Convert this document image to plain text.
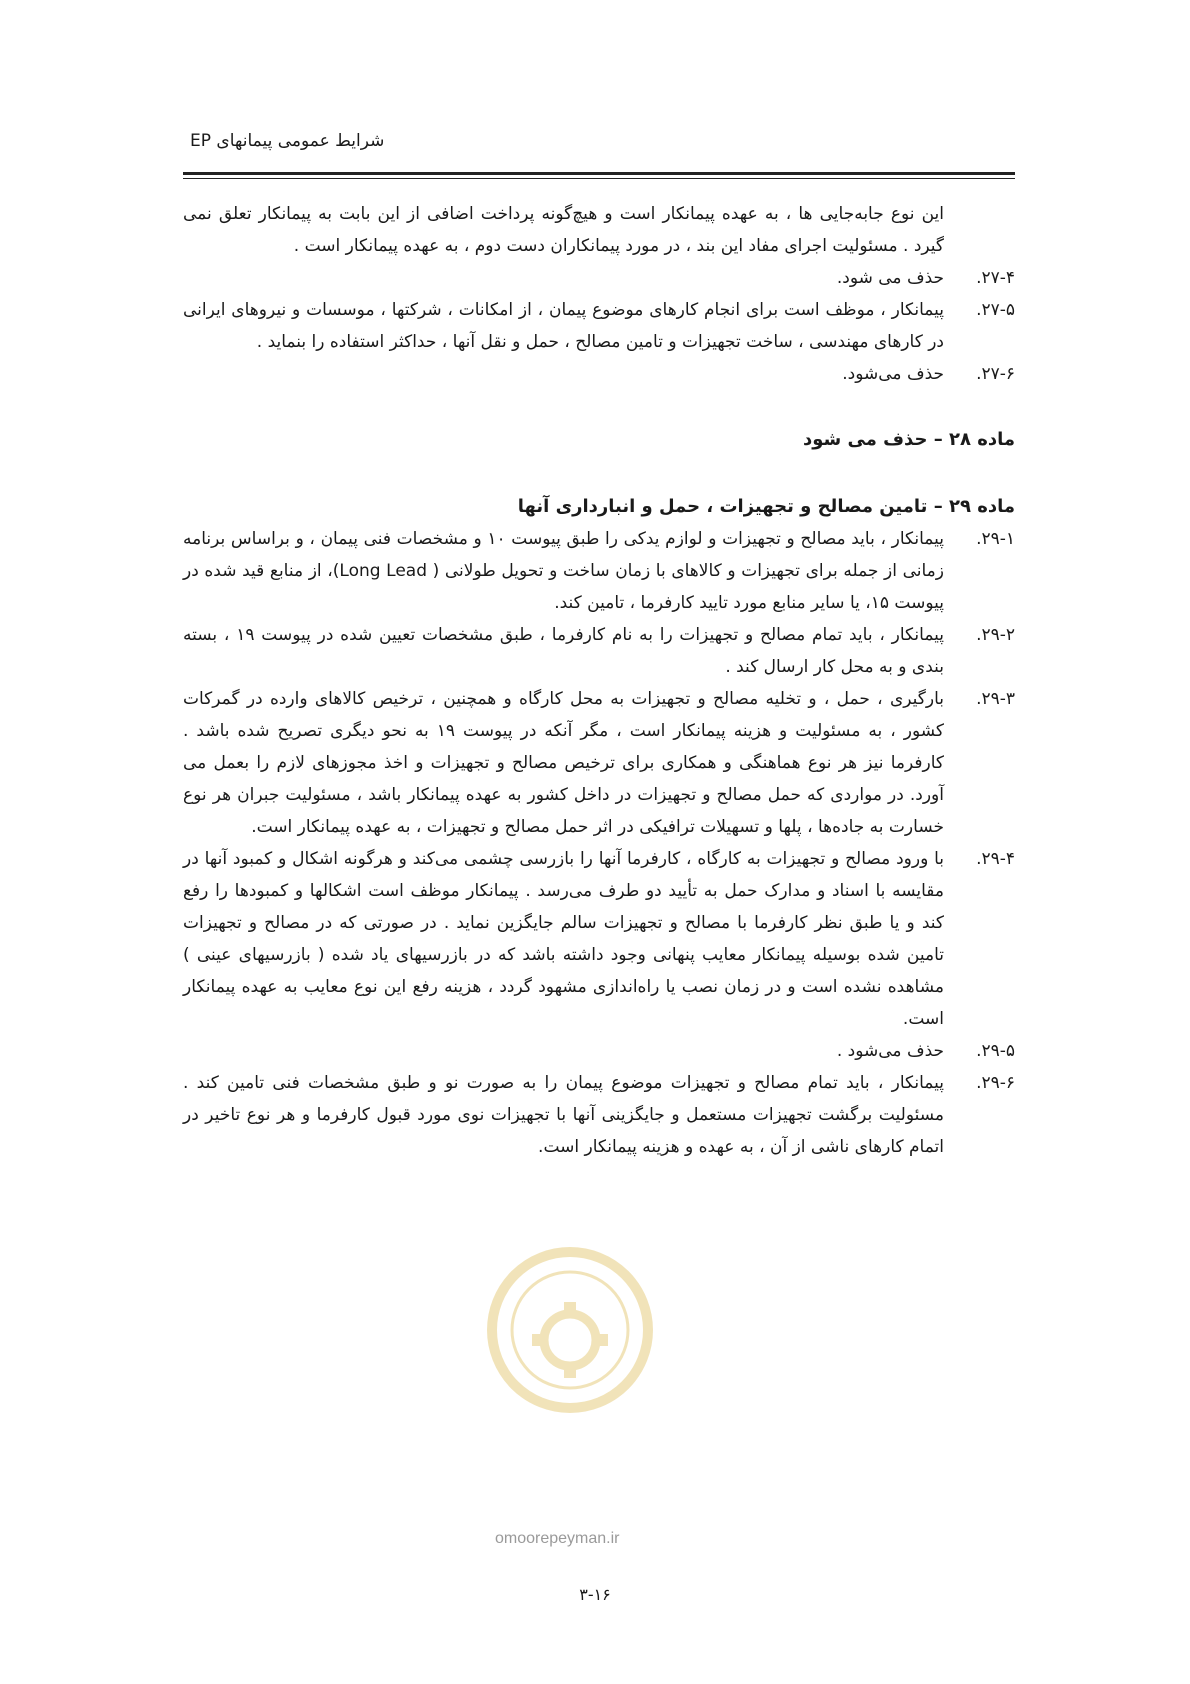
شرایط عمومی پیمانهای EP

این نوع جابه‌جایی ها ، به عهده پیمانکار است و هیچ‌گونه پرداخت اضافی از این بابت به پیمانکار تعلق نمی گیرد . مسئولیت اجرای مفاد این بند ، در مورد پیمانکاران دست دوم ، به عهده پیمانکار است .

۲۷-۴.

حذف می شود.

۲۷-۵.

پیمانکار ، موظف است برای انجام کارهای موضوع پیمان ، از امکانات ، شرکتها ، موسسات و نیروهای ایرانی در کارهای مهندسی ، ساخت تجهیزات و تامین مصالح ، حمل و نقل آنها ، حداکثر استفاده را بنماید .

۲۷-۶.

حذف می‌شود.

ماده ۲۸ – حذف می شود
ماده ۲۹ – تامین مصالح و تجهیزات ، حمل و انبارداری آنها
۲۹-۱.

پیمانکار ، باید مصالح و تجهیزات و لوازم یدکی را طبق پیوست ۱۰ و مشخصات فنی پیمان ، و براساس برنامه زمانی از جمله برای تجهیزات و کالاهای با زمان ساخت و تحویل طولانی ( Long Lead)، از منابع قید شده در پیوست ۱۵، یا سایر منابع مورد تایید کارفرما ، تامین کند.

۲۹-۲.

پیمانکار ، باید تمام مصالح و تجهیزات را به نام کارفرما ، طبق مشخصات تعیین شده در پیوست ۱۹ ، بسته بندی و به محل کار ارسال کند .

۲۹-۳.

بارگیری ، حمل ، و تخلیه مصالح و تجهیزات به محل کارگاه و همچنین ، ترخیص کالاهای وارده در گمرکات کشور ، به مسئولیت و هزینه پیمانکار است ، مگر آنکه در پیوست ۱۹ به نحو دیگری تصریح شده باشد . کارفرما نیز هر نوع هماهنگی و همکاری برای ترخیص مصالح و تجهیزات و اخذ مجوزهای لازم را بعمل می آورد. در مواردی که حمل مصالح و تجهیزات در داخل کشور به عهده پیمانکار باشد ، مسئولیت جبران هر نوع خسارت به جاده‌ها ، پلها و تسهیلات ترافیکی در اثر حمل مصالح و تجهیزات ، به عهده پیمانکار است.

۲۹-۴.

با ورود مصالح و تجهیزات به کارگاه ، کارفرما آنها را بازرسی چشمی می‌کند و هرگونه اشکال و کمبود آنها در مقایسه با اسناد و مدارک حمل به تأیید دو طرف می‌رسد . پیمانکار موظف است اشکالها و کمبودها را رفع کند و یا طبق نظر کارفرما با مصالح و تجهیزات سالم جایگزین نماید . در صورتی که در مصالح و تجهیزات تامین شده بوسیله پیمانکار معایب پنهانی وجود داشته باشد که در بازرسیهای یاد شده ( بازرسیهای عینی ) مشاهده نشده است و در زمان نصب یا راه‌اندازی مشهود گردد ، هزینه رفع این نوع معایب به عهده پیمانکار است.

۲۹-۵.

حذف می‌شود .

۲۹-۶.

پیمانکار ، باید تمام مصالح و تجهیزات موضوع پیمان را به صورت نو و طبق مشخصات فنی تامین کند . مسئولیت برگشت تجهیزات مستعمل و جایگزینی آنها با تجهیزات نوی مورد قبول کارفرما و هر نوع تاخیر در اتمام کارهای ناشی از آن ، به عهده و هزینه پیمانکار است.

omoorepeyman.ir
۳-۱۶
